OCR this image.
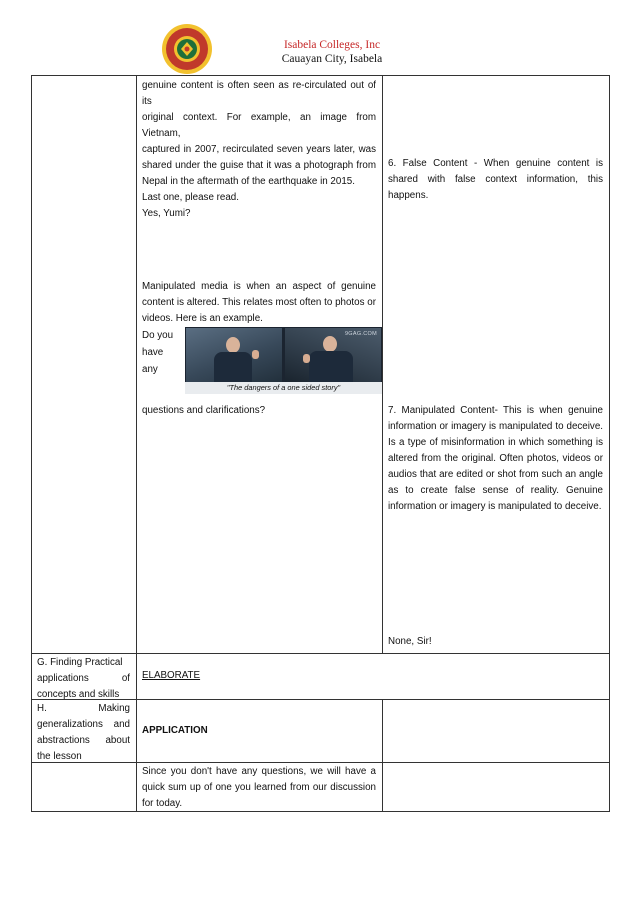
Isabela Colleges, Inc
Cauayan City, Isabela

genuine content is often seen as re-circulated out of its

original context. For example, an image from Vietnam,

captured in 2007, recirculated seven years later, was

shared under the guise that it was a photograph from

Nepal in the aftermath of the earthquake in 2015.

Last one, please read.

Yes, Yumi?

6. False Content - When genuine content is

shared with false context information, this

happens.

Manipulated media is when an aspect of genuine

content is altered. This relates most often to photos or

videos. Here is an example.

Do you

have

any

9GAG.COM
"The dangers of a one sided story"

questions and clarifications?	7. Manipulated Content- This is when genuine

information or imagery is manipulated to deceive.

Is a type of misinformation in which something is

altered from the original. Often photos, videos or

audios that are edited or shot from such an angle

as to create false sense of reality. Genuine

information or imagery is manipulated to deceive.

None, Sir!

G. Finding Practical

applications of

concepts and skills

ELABORATE

H. Making

generalizations and

abstractions about

the lesson

APPLICATION

Since you don't have any questions, we will have a

quick sum up of one you learned from our discussion

for today.
